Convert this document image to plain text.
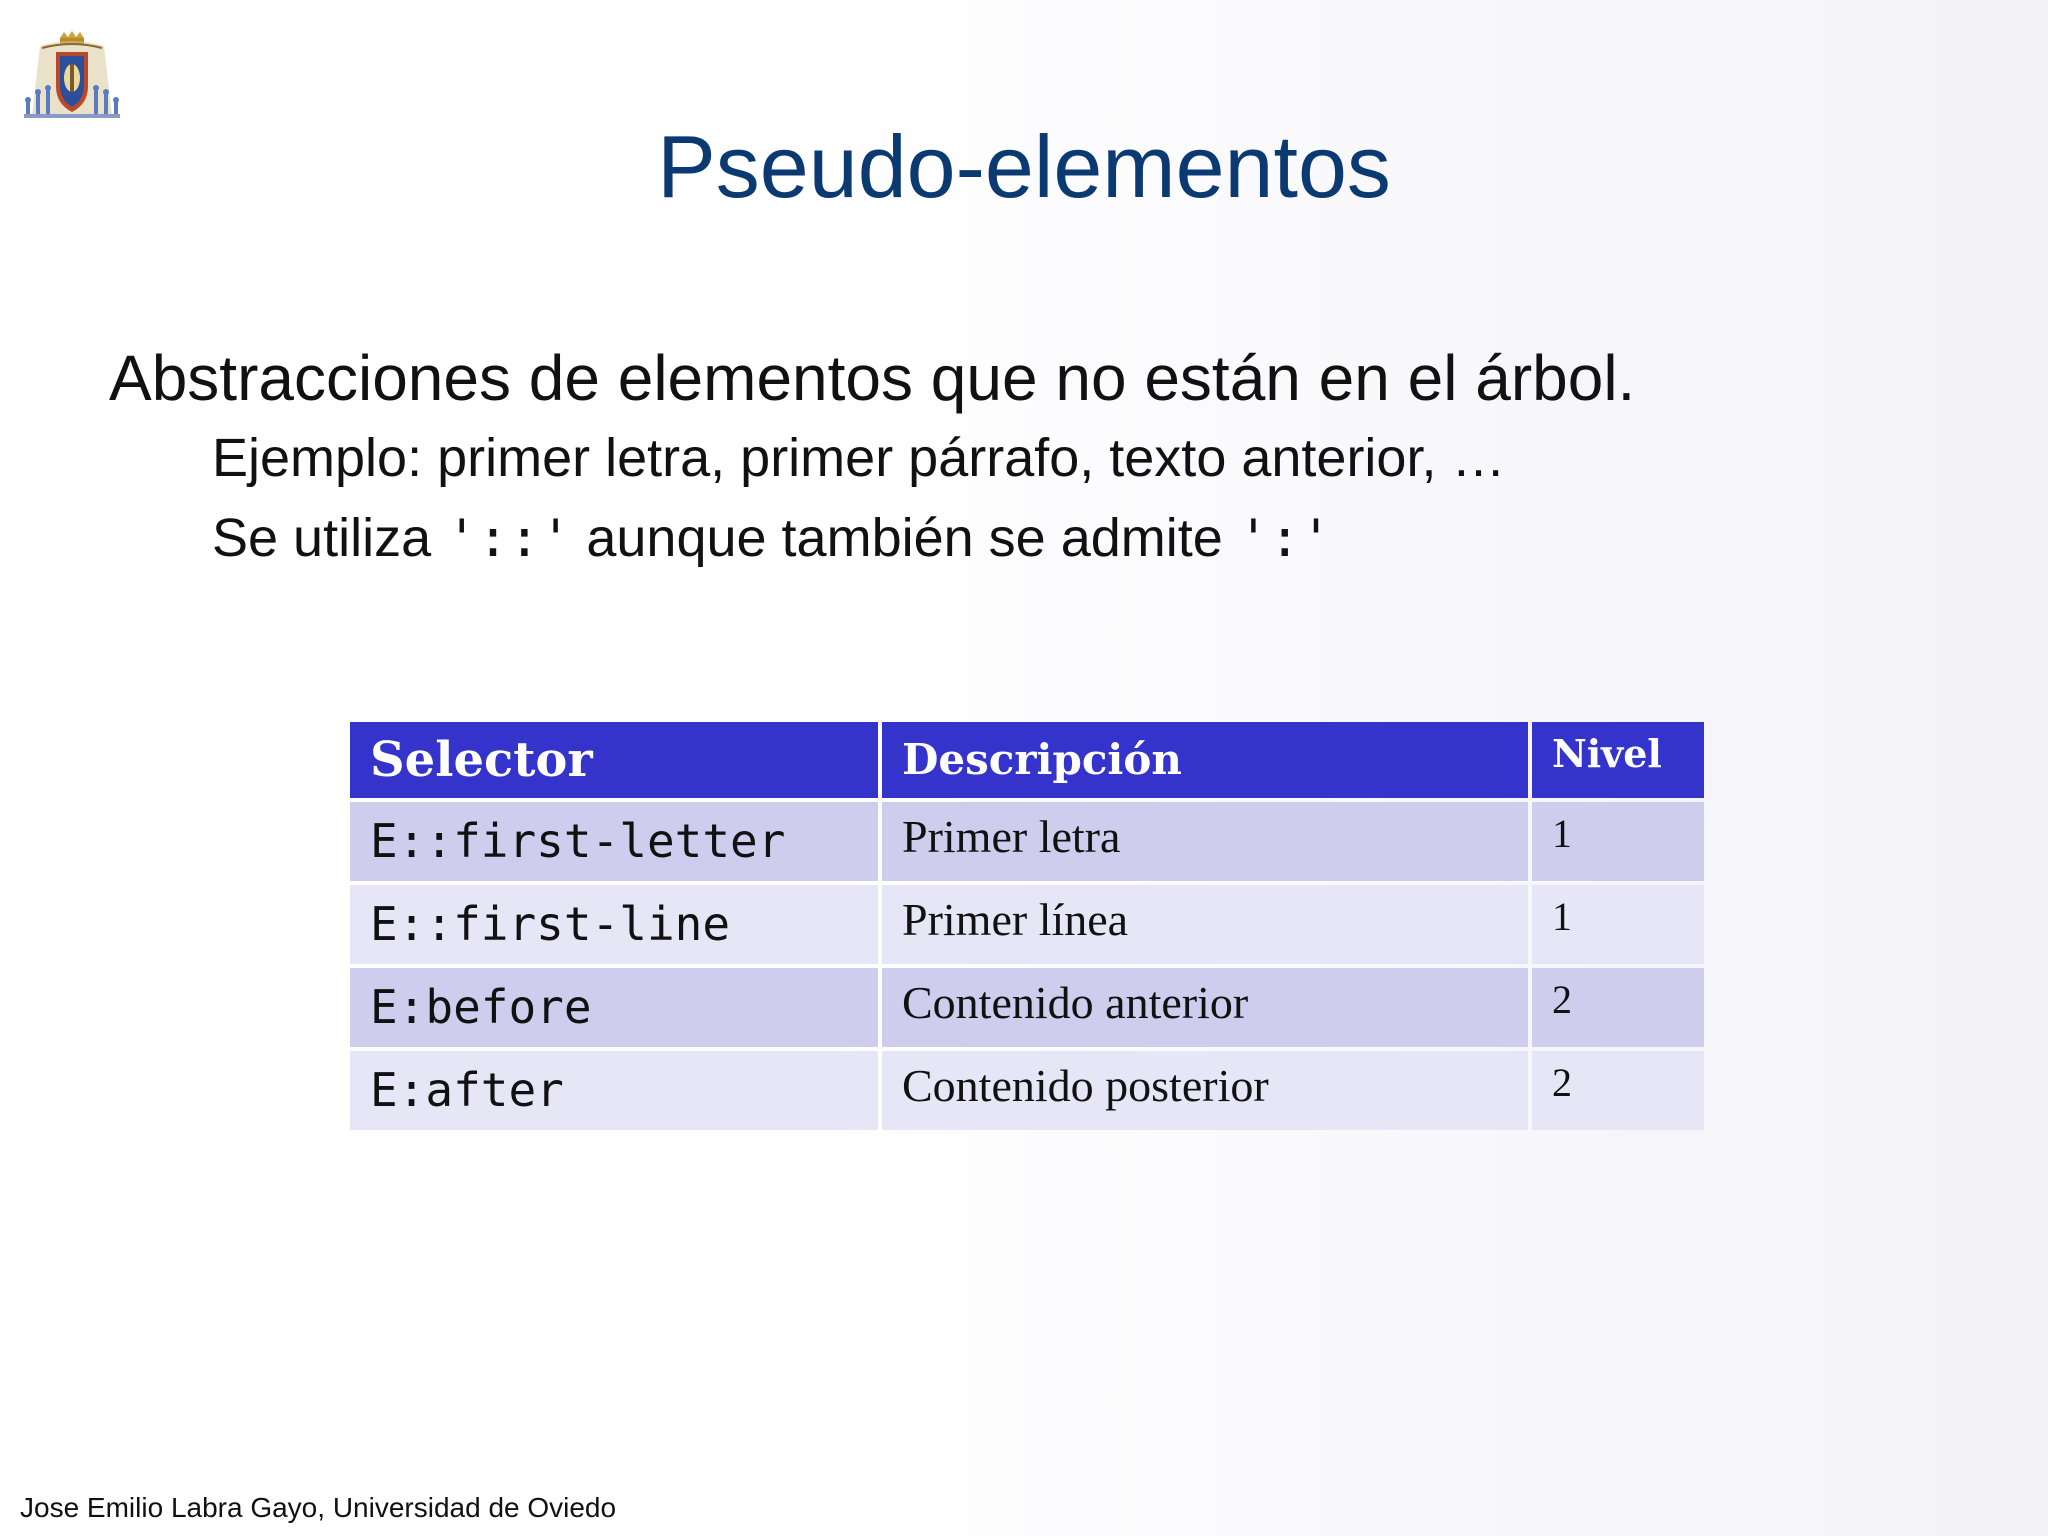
Pseudo-elementos

Abstracciones de elementos que no están en el árbol.

Ejemplo: primer letra, primer párrafo, texto anterior, …

Se utiliza '::' aunque también se admite ':'

Selector	Descripción	Nivel
E::first-letter	Primer letra	1
E::first-line	Primer línea	1
E:before	Contenido anterior	2
E:after	Contenido posterior	2
Jose Emilio Labra Gayo, Universidad de Oviedo
